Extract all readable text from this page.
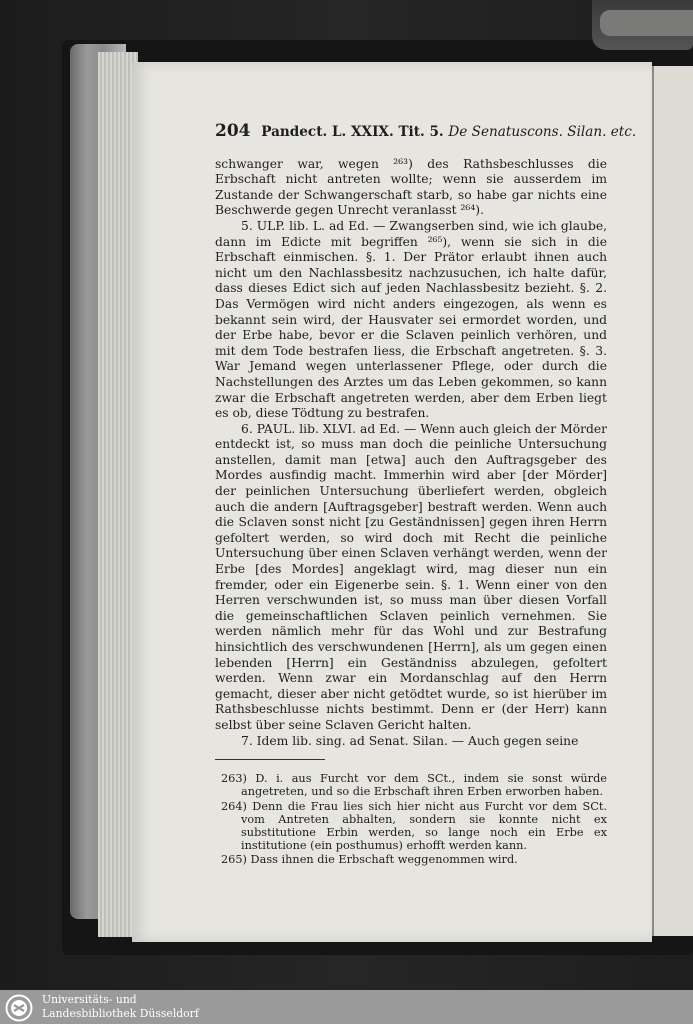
204 Pandect. L. XXIX. Tit. 5. De Senatuscons. Silan. etc.

schwanger war, wegen ²⁶³) des Rathsbeschlusses die Erbschaft nicht antreten wollte; wenn sie ausserdem im Zustande der Schwangerschaft starb, so habe gar nichts eine Beschwerde gegen Unrecht veranlasst ²⁶⁴).

5. ULP. lib. L. ad Ed. — Zwangserben sind, wie ich glaube, dann im Edicte mit begriffen ²⁶⁵), wenn sie sich in die Erbschaft einmischen. §. 1. Der Prätor erlaubt ihnen auch nicht um den Nachlassbesitz nachzusuchen, ich halte dafür, dass dieses Edict sich auf jeden Nachlassbesitz bezieht. §. 2. Das Vermögen wird nicht anders eingezogen, als wenn es bekannt sein wird, der Hausvater sei ermordet worden, und der Erbe habe, bevor er die Sclaven peinlich verhören, und mit dem Tode bestrafen liess, die Erbschaft angetreten. §. 3. War Jemand wegen unterlassener Pflege, oder durch die Nachstellungen des Arztes um das Leben gekommen, so kann zwar die Erbschaft angetreten werden, aber dem Erben liegt es ob, diese Tödtung zu bestrafen.

6. PAUL. lib. XLVI. ad Ed. — Wenn auch gleich der Mörder entdeckt ist, so muss man doch die peinliche Untersuchung anstellen, damit man [etwa] auch den Auftragsgeber des Mordes ausfindig macht. Immerhin wird aber [der Mörder] der peinlichen Untersuchung überliefert werden, obgleich auch die andern [Auftragsgeber] bestraft werden. Wenn auch die Sclaven sonst nicht [zu Geständnissen] gegen ihren Herrn gefoltert werden, so wird doch mit Recht die peinliche Untersuchung über einen Sclaven verhängt werden, wenn der Erbe [des Mordes] angeklagt wird, mag dieser nun ein fremder, oder ein Eigenerbe sein. §. 1. Wenn einer von den Herren verschwunden ist, so muss man über diesen Vorfall die gemeinschaftlichen Sclaven peinlich vernehmen. Sie werden nämlich mehr für das Wohl und zur Bestrafung hinsichtlich des verschwundenen [Herrn], als um gegen einen lebenden [Herrn] ein Geständniss abzulegen, gefoltert werden. Wenn zwar ein Mordanschlag auf den Herrn gemacht, dieser aber nicht getödtet wurde, so ist hierüber im Rathsbeschlusse nichts bestimmt. Denn er (der Herr) kann selbst über seine Sclaven Gericht halten.

7. Idem lib. sing. ad Senat. Silan. — Auch gegen seine

263) D. i. aus Furcht vor dem SCt., indem sie sonst würde angetreten, und so die Erbschaft ihren Erben erworben haben.

264) Denn die Frau lies sich hier nicht aus Furcht vor dem SCt. vom Antreten abhalten, sondern sie konnte nicht ex substitutione Erbin werden, so lange noch ein Erbe ex institutione (ein posthumus) erhofft werden kann.

265) Dass ihnen die Erbschaft weggenommen wird.

Universitäts- und
Landesbibliothek Düsseldorf
